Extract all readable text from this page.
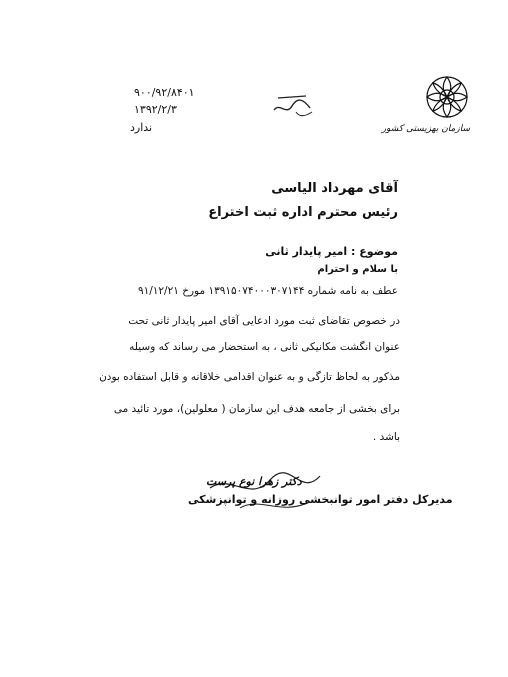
۹۰۰/۹۲/۸۴۰۱
۱۳۹۲/۲/۳
ندارد	سازمان بهزیستی کشور
آقای مهرداد الیاسی
رئیس محترم اداره ثبت اختراع
موضوع : امیر پایدار ثانی
با سلام و احترام
عطف به نامه شماره ۱۳۹۱۵۰۷۴۰۰۰۳۰۷۱۴۴ مورخ ۹۱/۱۲/۲۱
در خصوص تقاضای ثبت مورد ادعایی آقای امیر پایدار ثانی تحت
عنوان انگشت مکانیکی ثانی ، به استحضار می رساند که وسیله
مذکور به لحاظ تازگی و به عنوان اقدامی خلاقانه و قابل استفاده بودن
برای بخشی از جامعه هدف این سازمان ( معلولین)، مورد تائید می
باشد .
دکتر زهرا نوع پرست
مدیرکل دفتر امور توانبخشی روزانه و توانپزشکی
